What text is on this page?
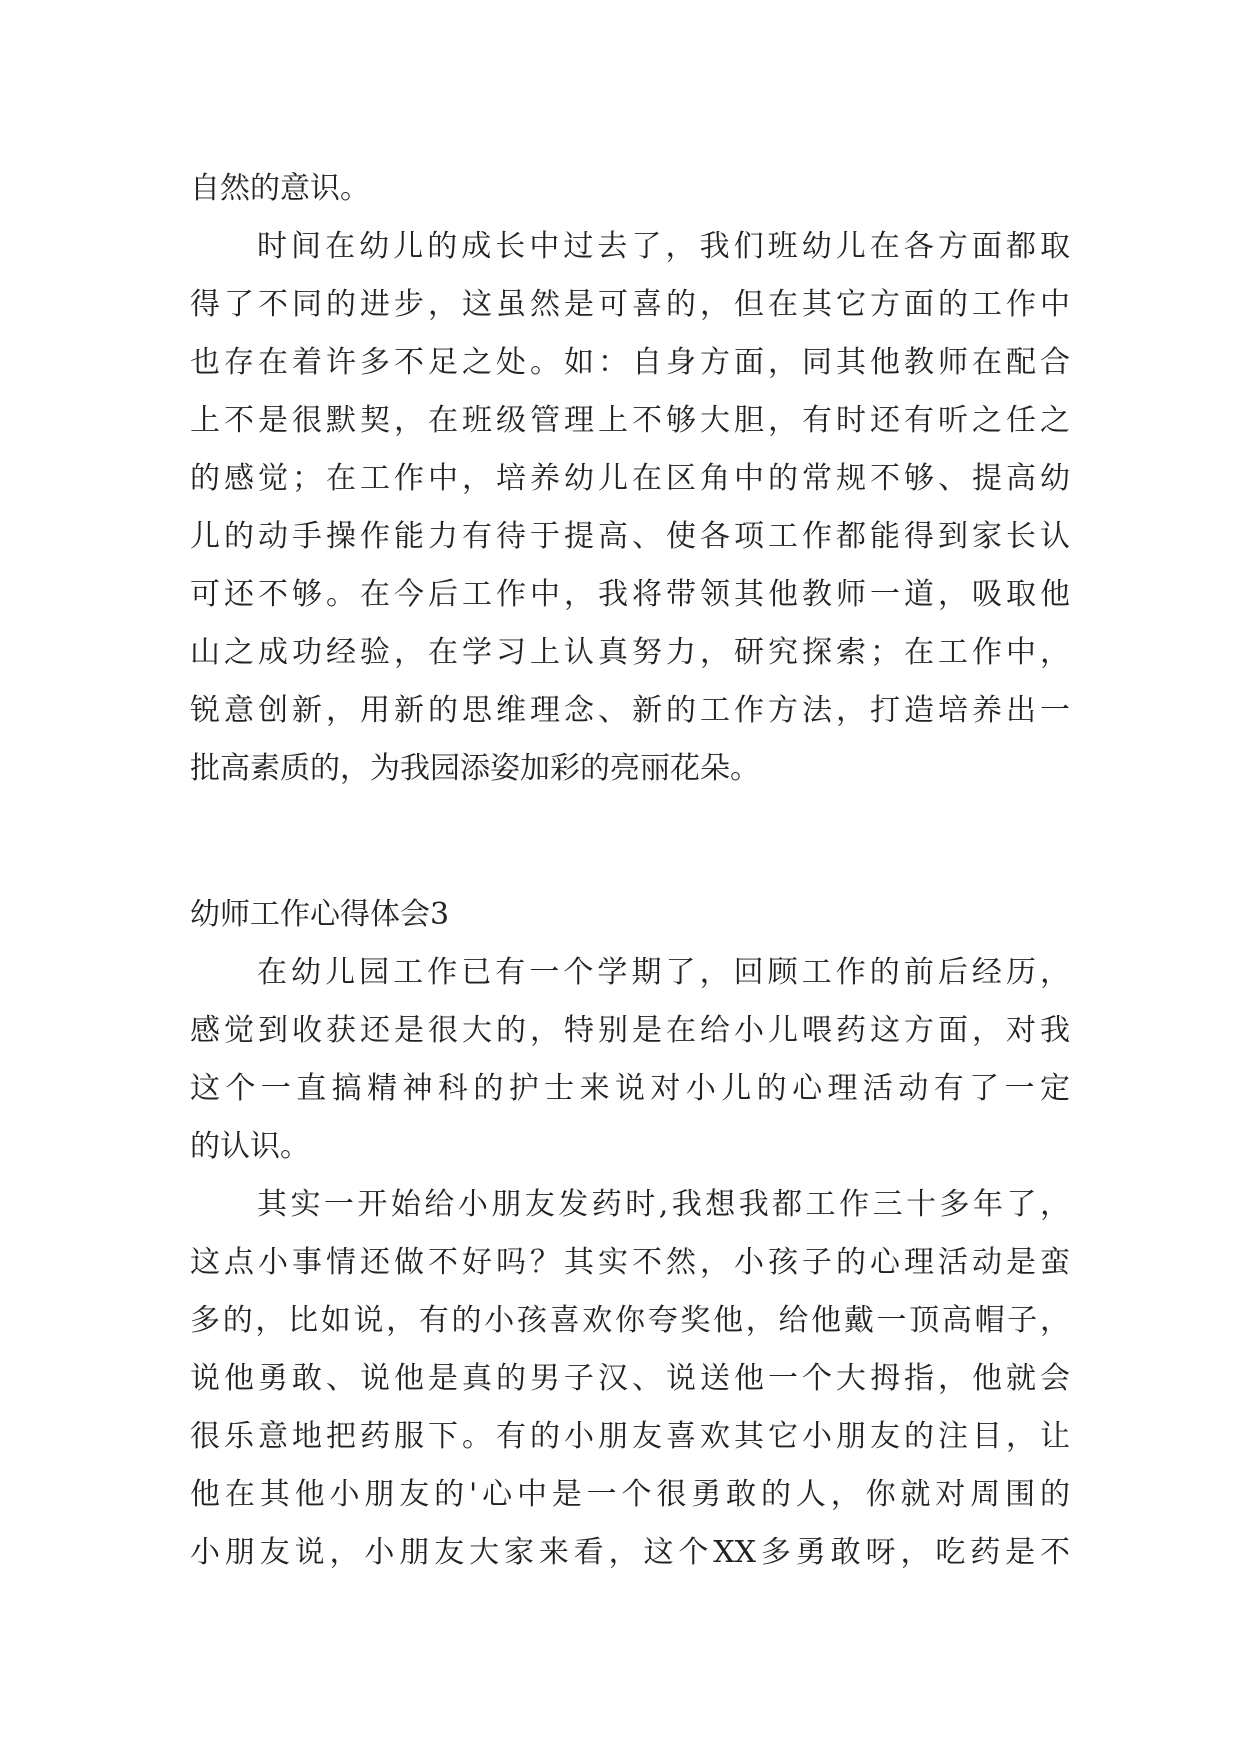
自然的意识。
时间在幼儿的成长中过去了，我们班幼儿在各方面都取
得了不同的进步，这虽然是可喜的，但在其它方面的工作中
也存在着许多不足之处。如：自身方面，同其他教师在配合
上不是很默契，在班级管理上不够大胆，有时还有听之任之
的感觉；在工作中，培养幼儿在区角中的常规不够、提高幼
儿的动手操作能力有待于提高、使各项工作都能得到家长认
可还不够。在今后工作中，我将带领其他教师一道，吸取他
山之成功经验，在学习上认真努力，研究探索；在工作中，
锐意创新，用新的思维理念、新的工作方法，打造培养出一
批高素质的，为我园添姿加彩的亮丽花朵。
幼师工作心得体会3
在幼儿园工作已有一个学期了，回顾工作的前后经历，
感觉到收获还是很大的，特别是在给小儿喂药这方面，对我
这个一直搞精神科的护士来说对小儿的心理活动有了一定
的认识。
其实一开始给小朋友发药时,我想我都工作三十多年了，
这点小事情还做不好吗？其实不然，小孩子的心理活动是蛮
多的，比如说，有的小孩喜欢你夸奖他，给他戴一顶高帽子，
说他勇敢、说他是真的男子汉、说送他一个大拇指，他就会
很乐意地把药服下。有的小朋友喜欢其它小朋友的注目，让
他在其他小朋友的'心中是一个很勇敢的人，你就对周围的
小朋友说，小朋友大家来看，这个XX多勇敢呀，吃药是不
